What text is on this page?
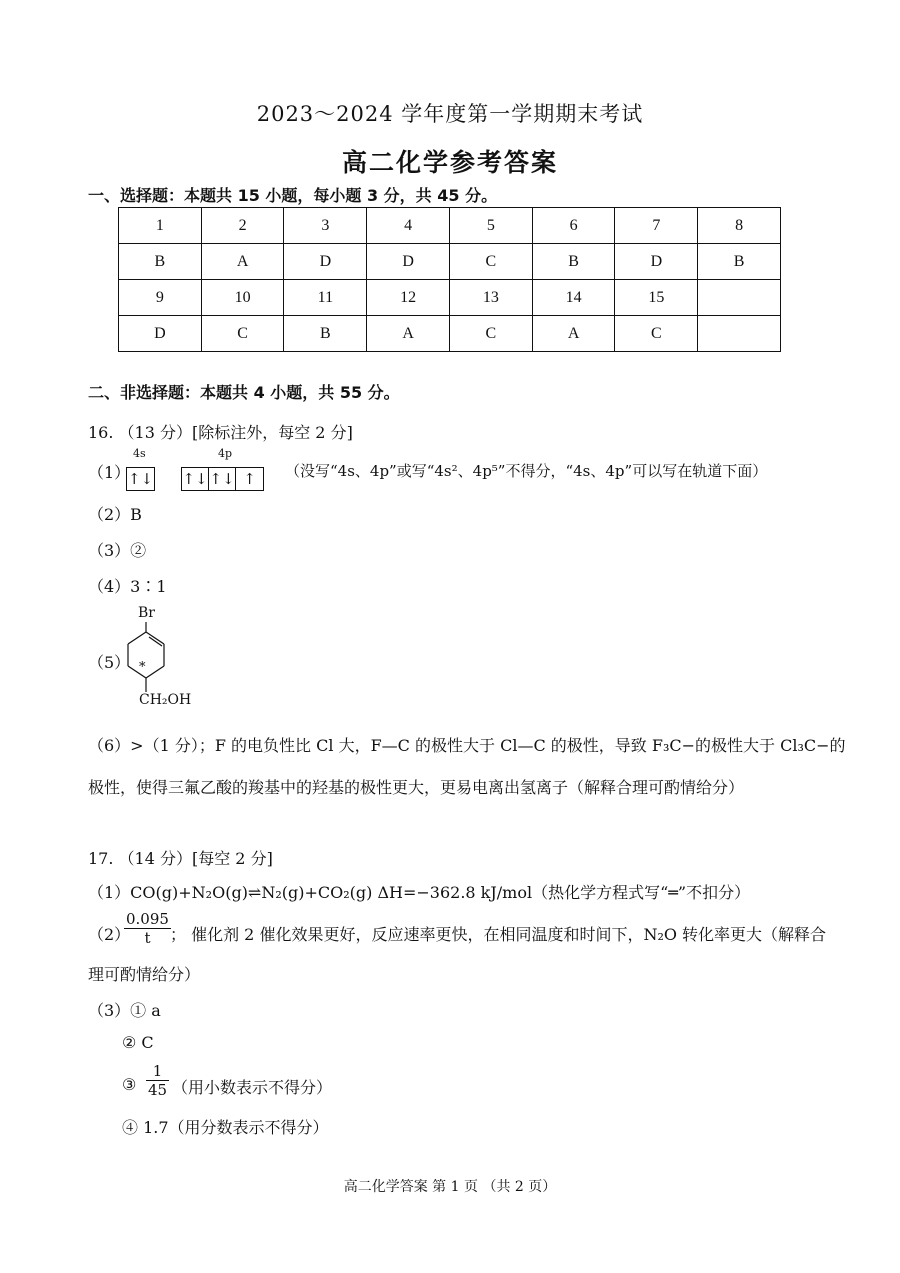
2023～2024 学年度第一学期期末考试
高二化学参考答案
一、选择题：本题共 15 小题，每小题 3 分，共 45 分。
1	2	3	4	5	6	7	8
B	A	D	D	C	B	D	B
9	10	11	12	13	14	15	
D	C	B	A	C	A	C	
二、非选择题：本题共 4 小题，共 55 分。
16. （13 分）[除标注外，每空 2 分]
（1）
4s
↑↓
4p
↑↓ ↑↓ ↑	（没写“4s、4p”或写“4s²、4p⁵”不得分，“4s、4p”可以写在轨道下面）
（2）B
（3）②
（4）3∶1
（5）
Br
*
CH₂OH
（6）>（1 分）；F 的电负性比 Cl 大，F—C 的极性大于 Cl—C 的极性，导致 F₃C−的极性大于 Cl₃C−的
极性，使得三氟乙酸的羧基中的羟基的极性更大，更易电离出氢离子（解释合理可酌情给分）
17. （14 分）[每空 2 分]
（1）CO(g)+N₂O(g)⇌N₂(g)+CO₂(g) ΔH=−362.8 kJ/mol（热化学方程式写“═”不扣分）
（2）
$\frac{0.095}{t}$ ； 催化剂 2 催化效果更好，反应速率更快，在相同温度和时间下，N₂O 转化率更大（解释合
理可酌情给分）
（3）① a
② C
③ $\frac{1}{45}$ （用小数表示不得分）
④ 1.7（用分数表示不得分）
高二化学答案 第 1 页 （共 2 页）
